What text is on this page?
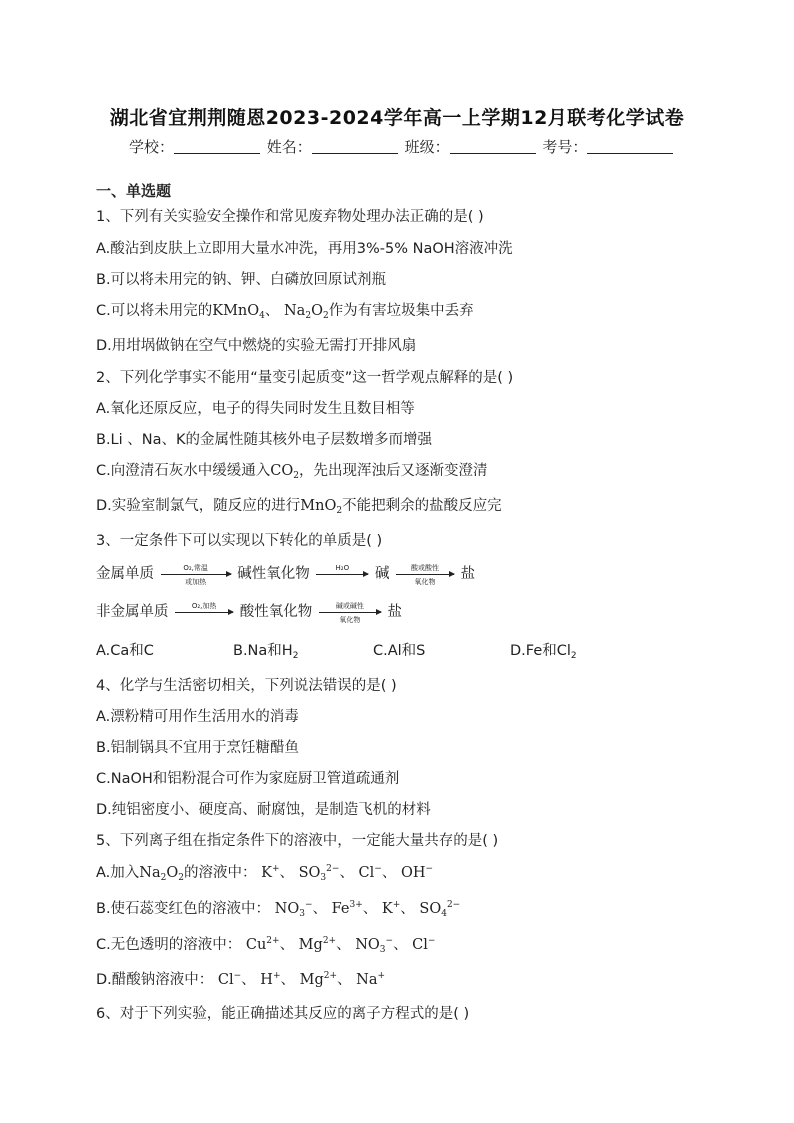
湖北省宜荆荆随恩2023-2024学年高一上学期12月联考化学试卷
学校：	姓名：	班级：	考号：
一、单选题
1、下列有关实验安全操作和常见废弃物处理办法正确的是( )
A.酸沾到皮肤上立即用大量水冲洗，再用3%-5% NaOH溶液冲洗
B.可以将未用完的钠、钾、白磷放回原试剂瓶
C.可以将未用完的KMnO$_4$、 $Na_2O_2$作为有害垃圾集中丢弃
D.用坩埚做钠在空气中燃烧的实验无需打开排风扇
2、下列化学事实不能用“量变引起质变”这一哲学观点解释的是( )
A.氧化还原反应，电子的得失同时发生且数目相等
B.Li 、Na、K的金属性随其核外电子层数增多而增强
C.向澄清石灰水中缓缓通入$CO_2$，先出现浑浊后又逐渐变澄清
D.实验室制氯气，随反应的进行MnO$_2$不能把剩余的盐酸反应完
3、一定条件下可以实现以下转化的单质是( )
金属单质	O₂,常温
或加热	碱性氧化物	H₂O	碱	酸或酸性
氧化物	盐
非金属单质	O₂,加热	酸性氧化物	碱或碱性
氧化物	盐
A.Ca和C	B.Na和$H_2$	C.Al和S	D.Fe和$Cl_2$
4、化学与生活密切相关，下列说法错误的是( )
A.漂粉精可用作生活用水的消毒
B.铝制锅具不宜用于烹饪糖醋鱼
C.NaOH和铝粉混合可作为家庭厨卫管道疏通剂
D.纯铝密度小、硬度高、耐腐蚀，是制造飞机的材料
5、下列离子组在指定条件下的溶液中，一定能大量共存的是( )
A.加入$Na_2O_2$的溶液中： K+、 $SO_3^{2-}$、 Cl−、 OH−
B.使石蕊变红色的溶液中： $NO_3^-$、 $Fe^{3+}$、 K+、 $SO_4^{2-}$
C.无色透明的溶液中： $Cu^{2+}$、 $Mg^{2+}$、 $NO_3^-$、 Cl−
D.醋酸钠溶液中： Cl−、 H+、 $Mg^{2+}$、 Na+
6、对于下列实验，能正确描述其反应的离子方程式的是( )
